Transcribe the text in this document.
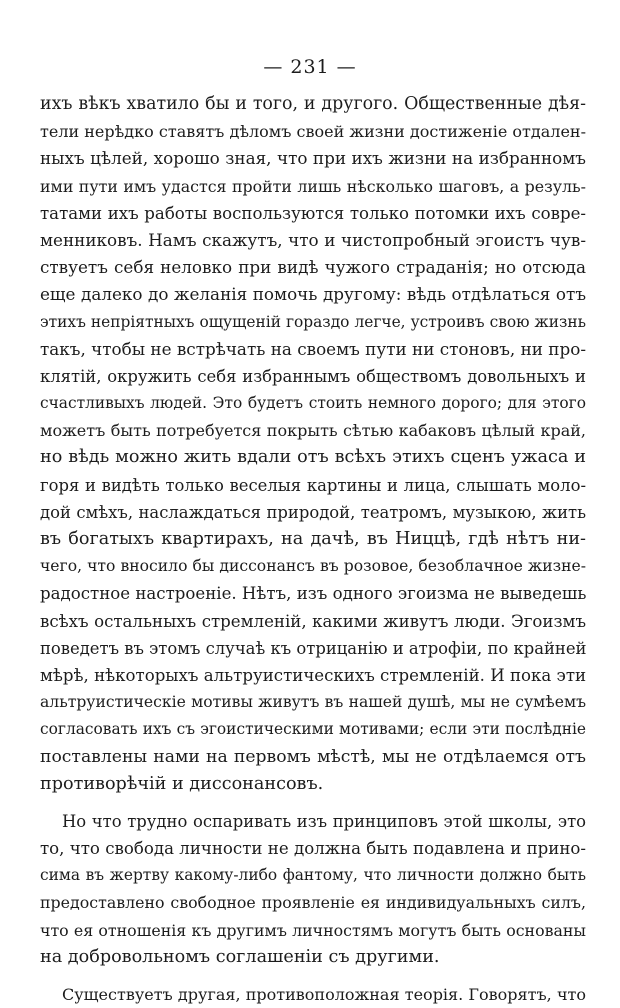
— 231 —
ихъ вѣкъ хватило бы и того, и другого. Общественные дѣя-
тели нерѣдко ставятъ дѣломъ своей жизни достиженіе отдален-
ныхъ цѣлей, хорошо зная, что при ихъ жизни на избранномъ
ими пути имъ удастся пройти лишь нѣсколько шаговъ, а резуль-
татами ихъ работы воспользуются только потомки ихъ совре-
менниковъ. Намъ скажутъ, что и чистопробный эгоистъ чув-
ствуетъ себя неловко при видѣ чужого страданія; но отсюда
еще далеко до желанія помочь другому: вѣдь отдѣлаться отъ
этихъ непріятныхъ ощущеній гораздо легче, устроивъ свою жизнь
такъ, чтобы не встрѣчать на своемъ пути ни стоновъ, ни про-
клятій, окружить себя избраннымъ обществомъ довольныхъ и
счастливыхъ людей. Это будетъ стоить немного дорого; для этого
можетъ быть потребуется покрыть сѣтью кабаковъ цѣлый край,
но вѣдь можно жить вдали отъ всѣхъ этихъ сценъ ужаса и
горя и видѣть только веселыя картины и лица, слышать моло-
дой смѣхъ, наслаждаться природой, театромъ, музыкою, жить
въ богатыхъ квартирахъ, на дачѣ, въ Ниццѣ, гдѣ нѣтъ ни-
чего, что вносило бы диссонансъ въ розовое, безоблачное жизне-
радостное настроеніе. Нѣтъ, изъ одного эгоизма не выведешь
всѣхъ остальныхъ стремленій, какими живутъ люди. Эгоизмъ
поведетъ въ этомъ случаѣ къ отрицанію и атрофіи, по крайней
мѣрѣ, нѣкоторыхъ альтруистическихъ стремленій. И пока эти
альтруистическіе мотивы живутъ въ нашей душѣ, мы не сумѣемъ
согласовать ихъ съ эгоистическими мотивами; если эти послѣдніе
поставлены нами на первомъ мѣстѣ, мы не отдѣлаемся отъ
противорѣчій и диссонансовъ.
Но что трудно оспаривать изъ принциповъ этой школы, это
то, что свобода личности не должна быть подавлена и прино-
сима въ жертву какому-либо фантому, что личности должно быть
предоставлено свободное проявленіе ея индивидуальныхъ силъ,
что ея отношенія къ другимъ личностямъ могутъ быть основаны
на добровольномъ соглашеніи съ другими.
Существуетъ другая, противоположная теорія. Говорятъ, что
